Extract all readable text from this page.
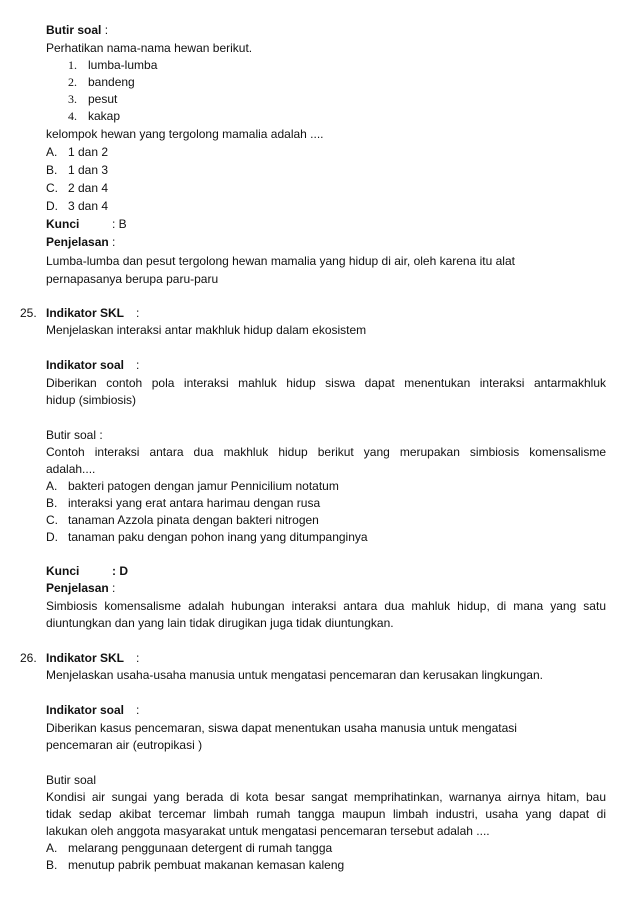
Butir soal :
Perhatikan nama-nama hewan berikut.
1. lumba-lumba
2. bandeng
3. pesut
4. kakap
kelompok hewan yang tergolong mamalia adalah ....
A. 1 dan 2
B. 1 dan 3
C. 2 dan 4
D. 3 dan 4
Kunci	: B
Penjelasan :
Lumba-lumba dan pesut tergolong hewan mamalia yang hidup di air, oleh karena itu alat
pernapasanya berupa paru-paru
25. Indikator SKL :
Menjelaskan interaksi antar makhluk hidup dalam ekosistem
Indikator soal :
Diberikan contoh pola interaksi mahluk hidup siswa dapat menentukan interaksi antarmakhluk
hidup (simbiosis)
Butir soal :
Contoh interaksi antara dua makhluk hidup berikut yang merupakan simbiosis komensalisme
adalah....
A. bakteri patogen dengan jamur Pennicilium notatum
B. interaksi yang erat antara harimau dengan rusa
C. tanaman Azzola pinata dengan bakteri nitrogen
D. tanaman paku dengan pohon inang yang ditumpanginya
Kunci	: D
Penjelasan :
Simbiosis komensalisme adalah hubungan interaksi antara dua mahluk hidup, di mana yang satu
diuntungkan dan yang lain tidak dirugikan juga tidak diuntungkan.
26. Indikator SKL :
Menjelaskan usaha-usaha manusia untuk mengatasi pencemaran dan kerusakan lingkungan.
Indikator soal :
Diberikan kasus pencemaran, siswa dapat menentukan usaha manusia untuk mengatasi
pencemaran air (eutropikasi )
Butir soal
Kondisi air sungai yang berada di kota besar sangat memprihatinkan, warnanya airnya hitam, bau
tidak sedap akibat tercemar limbah rumah tangga maupun limbah industri, usaha yang dapat di
lakukan oleh anggota masyarakat untuk mengatasi pencemaran tersebut adalah ....
A. melarang penggunaan detergent di rumah tangga
B. menutup pabrik pembuat makanan kemasan kaleng
